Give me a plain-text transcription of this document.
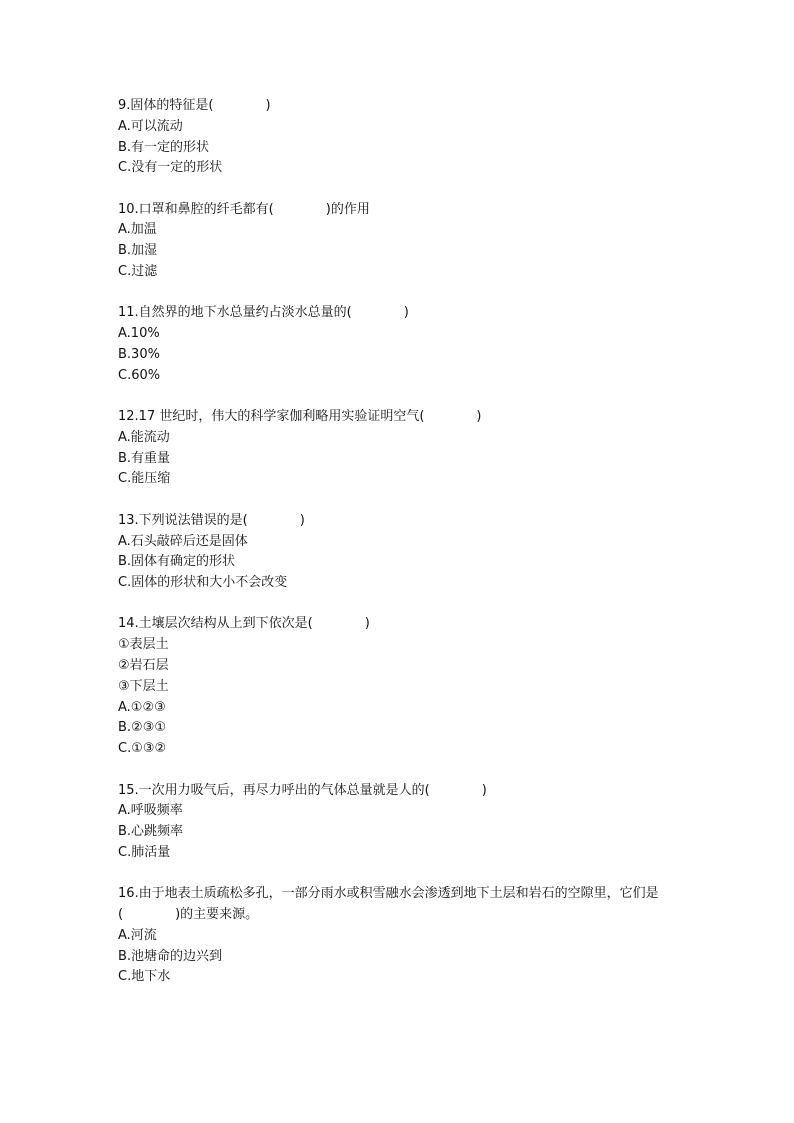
9.固体的特征是(　　　　)

A.可以流动

B.有一定的形状

C.没有一定的形状

10.口罩和鼻腔的纤毛都有(　　　　)的作用

A.加温

B.加湿

C.过滤

11.自然界的地下水总量约占淡水总量的(　　　　)

A.10%

B.30%

C.60%

12.17 世纪时，伟大的科学家伽利略用实验证明空气(　　　　)

A.能流动

B.有重量

C.能压缩

13.下列说法错误的是(　　　　)

A.石头敲碎后还是固体

B.固体有确定的形状

C.固体的形状和大小不会改变

14.土壤层次结构从上到下依次是(　　　　)

①表层土

②岩石层

③下层土

A.①②③

B.②③①

C.①③②

15.一次用力吸气后，再尽力呼出的气体总量就是人的(　　　　)

A.呼吸频率

B.心跳频率

C.肺活量

16.由于地表土质疏松多孔，一部分雨水或积雪融水会渗透到地下土层和岩石的空隙里，它们是(　　　　)的主要来源。

A.河流

B.池塘命的边兴到

C.地下水
